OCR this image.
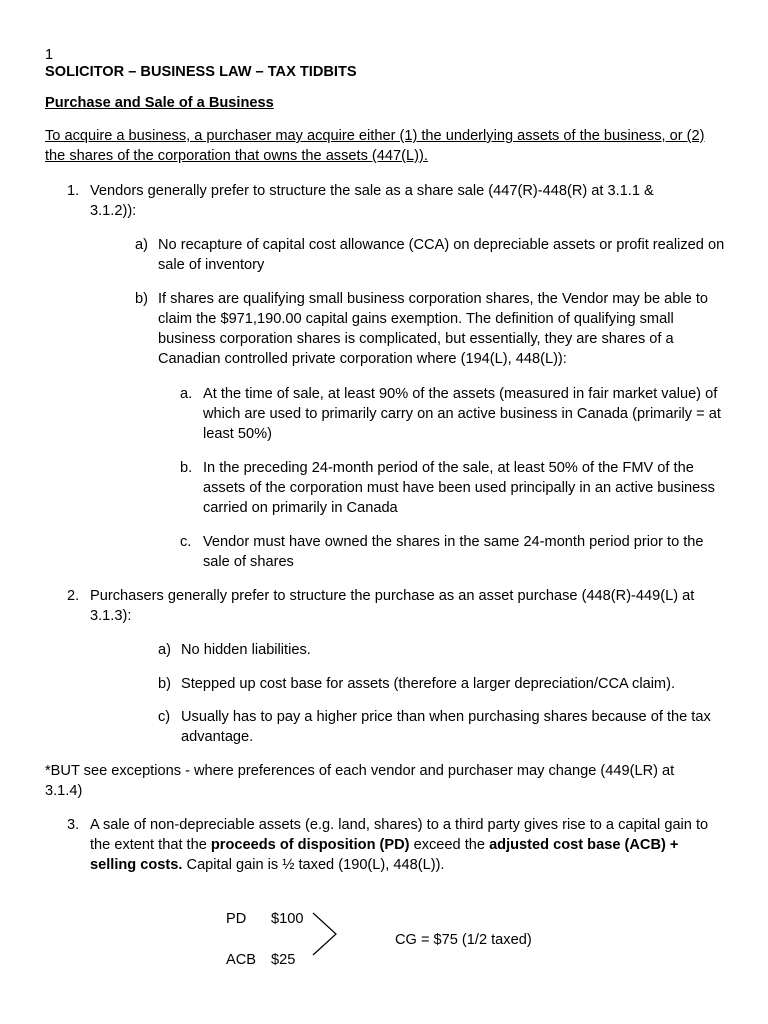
1
SOLICITOR – BUSINESS LAW – TAX TIDBITS
Purchase and Sale of a Business
To acquire a business, a purchaser may acquire either (1) the underlying assets of the business, or (2) the shares of the corporation that owns the assets (447(L)).
1. Vendors generally prefer to structure the sale as a share sale (447(R)-448(R) at 3.1.1 & 3.1.2)):
a) No recapture of capital cost allowance (CCA) on depreciable assets or profit realized on sale of inventory
b) If shares are qualifying small business corporation shares, the Vendor may be able to claim the $971,190.00 capital gains exemption. The definition of qualifying small business corporation shares is complicated, but essentially, they are shares of a Canadian controlled private corporation where (194(L), 448(L)):
a. At the time of sale, at least 90% of the assets (measured in fair market value) of which are used to primarily carry on an active business in Canada (primarily = at least 50%)
b. In the preceding 24-month period of the sale, at least 50% of the FMV of the assets of the corporation must have been used principally in an active business carried on primarily in Canada
c. Vendor must have owned the shares in the same 24-month period prior to the sale of shares
2. Purchasers generally prefer to structure the purchase as an asset purchase (448(R)-449(L) at 3.1.3):
a) No hidden liabilities.
b) Stepped up cost base for assets (therefore a larger depreciation/CCA claim).
c) Usually has to pay a higher price than when purchasing shares because of the tax advantage.
*BUT see exceptions - where preferences of each vendor and purchaser may change (449(LR) at 3.1.4)
3. A sale of non-depreciable assets (e.g. land, shares) to a third party gives rise to a capital gain to the extent that the proceeds of disposition (PD) exceed the adjusted cost base (ACB) + selling costs. Capital gain is ½ taxed (190(L), 448(L)).
PD $100
ACB $25
CG = $75 (1/2 taxed)
